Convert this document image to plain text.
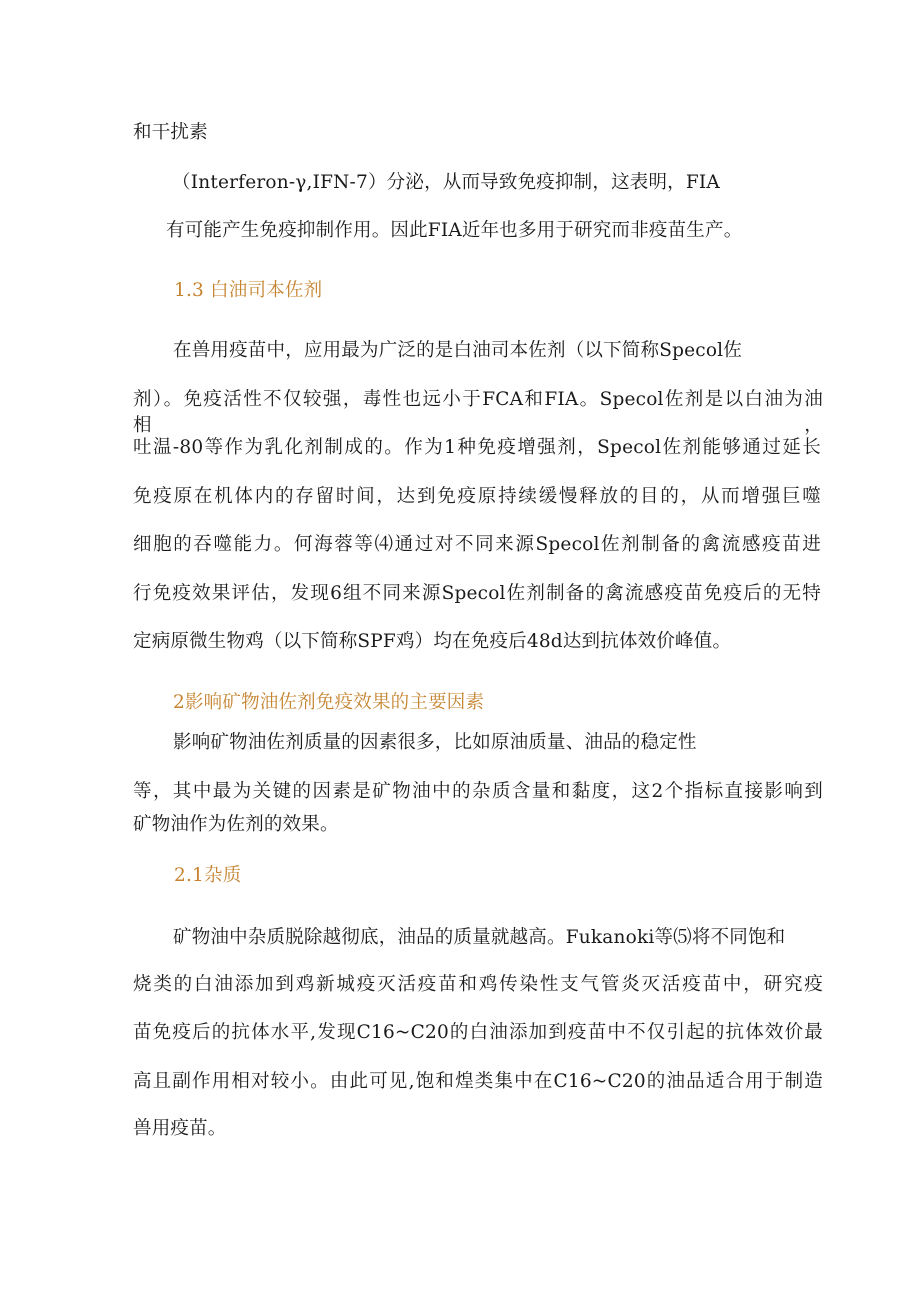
和干扰素
（Interferon-γ,IFN-7）分泌，从而导致免疫抑制，这表明，FIA
有可能产生免疫抑制作用。因此FIA近年也多用于研究而非疫苗生产。
1.3 白油司本佐剂
在兽用疫苗中，应用最为广泛的是白油司本佐剂（以下简称Specol佐
剂）。免疫活性不仅较强，毒性也远小于FCA和FIA。Specol佐剂是以白油为油相，
吐温-80等作为乳化剂制成的。作为1种免疫增强剂，Specol佐剂能够通过延长
免疫原在机体内的存留时间，达到免疫原持续缓慢释放的目的，从而增强巨噬
细胞的吞噬能力。何海蓉等⑷通过对不同来源Specol佐剂制备的禽流感疫苗进
行免疫效果评估，发现6组不同来源Specol佐剂制备的禽流感疫苗免疫后的无特
定病原微生物鸡（以下简称SPF鸡）均在免疫后48d达到抗体效价峰值。
2影响矿物油佐剂免疫效果的主要因素
影响矿物油佐剂质量的因素很多，比如原油质量、油品的稳定性
等，其中最为关键的因素是矿物油中的杂质含量和黏度，这2个指标直接影响到
矿物油作为佐剂的效果。
2.1杂质
矿物油中杂质脱除越彻底，油品的质量就越高。Fukanoki等⑸将不同饱和
烧类的白油添加到鸡新城疫灭活疫苗和鸡传染性支气管炎灭活疫苗中，研究疫
苗免疫后的抗体水平,发现C16~C20的白油添加到疫苗中不仅引起的抗体效价最
高且副作用相对较小。由此可见,饱和煌类集中在C16~C20的油品适合用于制造
兽用疫苗。
